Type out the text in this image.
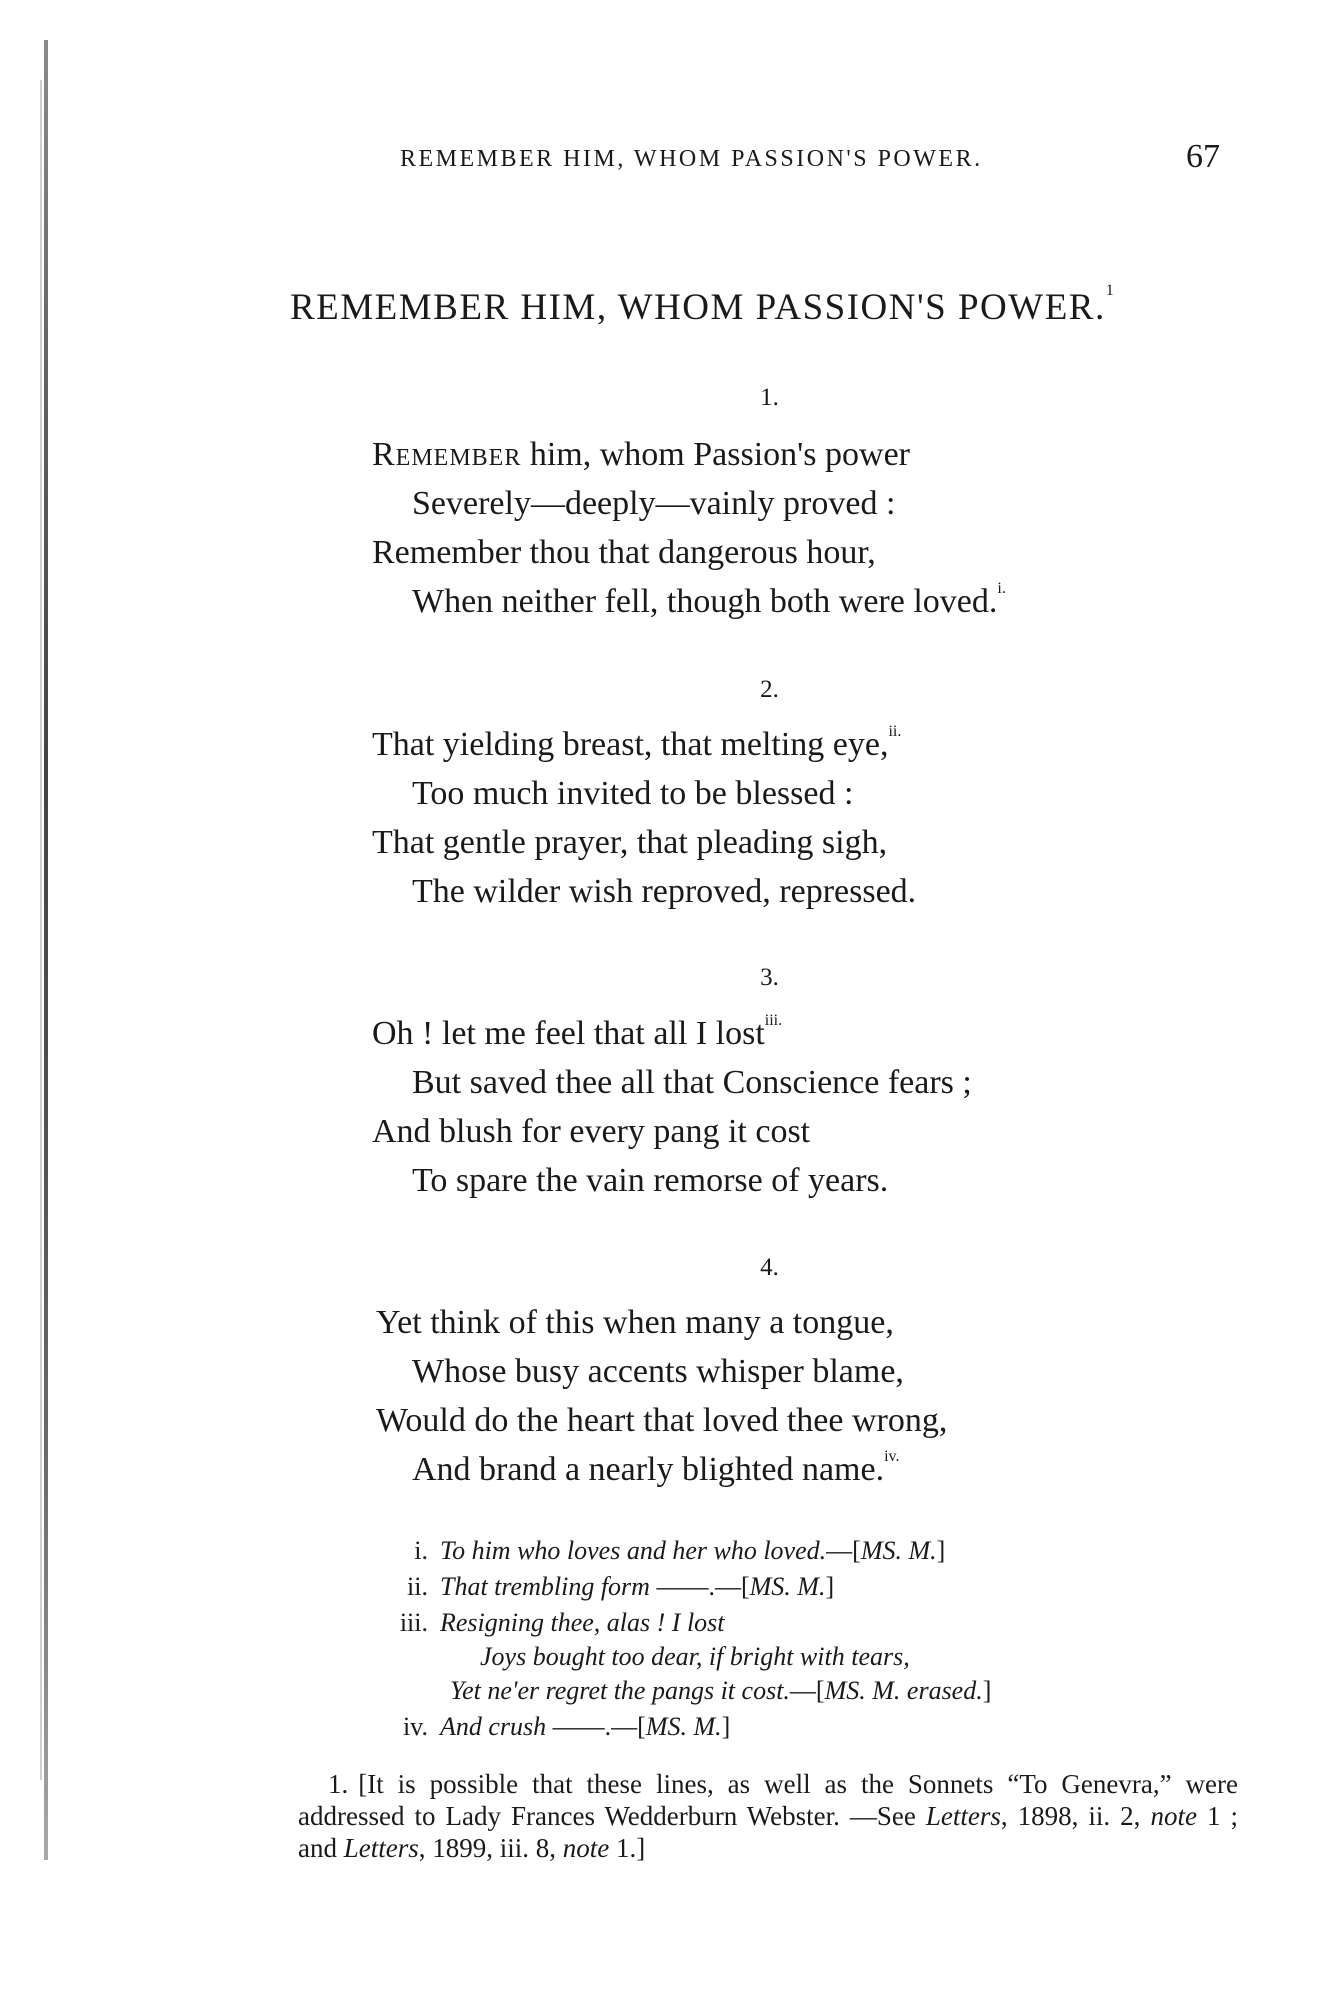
REMEMBER HIM, WHOM PASSION'S POWER.	67
REMEMBER HIM, WHOM PASSION'S POWER.$^1$
1.
Remember him, whom Passion's power
Severely—deeply—vainly proved :
Remember thou that dangerous hour,
When neither fell, though both were loved.$^{i.}$
2.
That yielding breast, that melting eye,$^{ii.}$
Too much invited to be blessed :
That gentle prayer, that pleading sigh,
The wilder wish reproved, repressed.
3.
Oh ! let me feel that all I lost$^{iii.}$
But saved thee all that Conscience fears ;
And blush for every pang it cost
To spare the vain remorse of years.
4.
Yet think of this when many a tongue,
Whose busy accents whisper blame,
Would do the heart that loved thee wrong,
And brand a nearly blighted name.$^{iv.}$
i. To him who loves and her who loved.—[MS. M.]
ii. That trembling form ——.—[MS. M.]
iii. Resigning thee, alas ! I lost
Joys bought too dear, if bright with tears,
Yet ne'er regret the pangs it cost.—[MS. M. erased.]
iv. And crush ——.—[MS. M.]
1. [It is possible that these lines, as well as the Sonnets “To Genevra,” were addressed to Lady Frances Wedderburn Webster. —See Letters, 1898, ii. 2, note 1 ; and Letters, 1899, iii. 8, note 1.]
